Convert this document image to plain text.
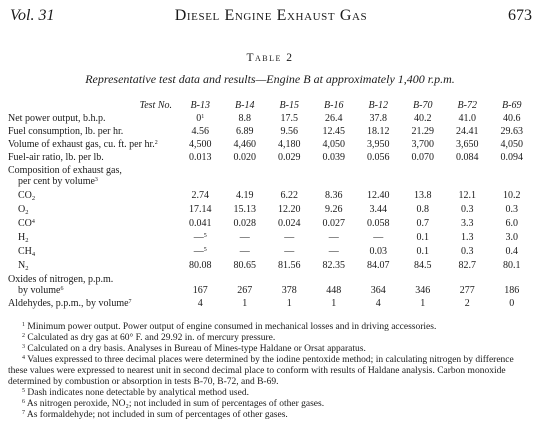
Vol. 31	Diesel Engine Exhaust Gas	673
Table 2
Representative test data and results—Engine B at approximately 1,400 r.p.m.
Test No.	B-13	B-14	B-15	B-16	B-12	B-70	B-72	B-69
Net power output, b.h.p.	$0^1$	8.8	17.5	26.4	37.8	40.2	41.0	40.6
Fuel consumption, lb. per hr.	4.56	6.89	9.56	12.45	18.12	21.29	24.41	29.63
Volume of exhaust gas, cu. ft. per hr.$^2$	4,500	4,460	4,180	4,050	3,950	3,700	3,650	4,050
Fuel-air ratio, lb. per lb.	0.013	0.020	0.029	0.039	0.056	0.070	0.084	0.094
Composition of exhaust gas,								
per cent by volume$^3$								
$CO_2$	2.74	4.19	6.22	8.36	12.40	13.8	12.1	10.2
$O_2$	17.14	15.13	12.20	9.26	3.44	0.8	0.3	0.3
$CO^4$	0.041	0.028	0.024	0.027	0.058	0.7	3.3	6.0
$H_2$	—$^5$	—	—	—	—	0.1	1.3	3.0
$CH_4$	—$^5$	—	—	—	0.03	0.1	0.3	0.4
$N_2$	80.08	80.65	81.56	82.35	84.07	84.5	82.7	80.1
Oxides of nitrogen, p.p.m.								
by volume$^6$	167	267	378	448	364	346	277	186
Aldehydes, p.p.m., by volume$^7$	4	1	1	1	4	1	2	0

$^1$ Minimum power output. Power output of engine consumed in mechanical losses and in driving accessories.

$^2$ Calculated as dry gas at 60° F. and 29.92 in. of mercury pressure.

$^3$ Calculated on a dry basis. Analyses in Bureau of Mines-type Haldane or Orsat apparatus.

$^4$ Values expressed to three decimal places were determined by the iodine pentoxide method; in calculating nitrogen by difference these values were expressed to nearest unit in second decimal place to conform with results of Haldane analysis. Carbon monoxide determined by combustion or absorption in tests B-70, B-72, and B-69.

$^5$ Dash indicates none detectable by analytical method used.

$^6$ As nitrogen peroxide, NO₂; not included in sum of percentages of other gases.

$^7$ As formaldehyde; not included in sum of percentages of other gases.
